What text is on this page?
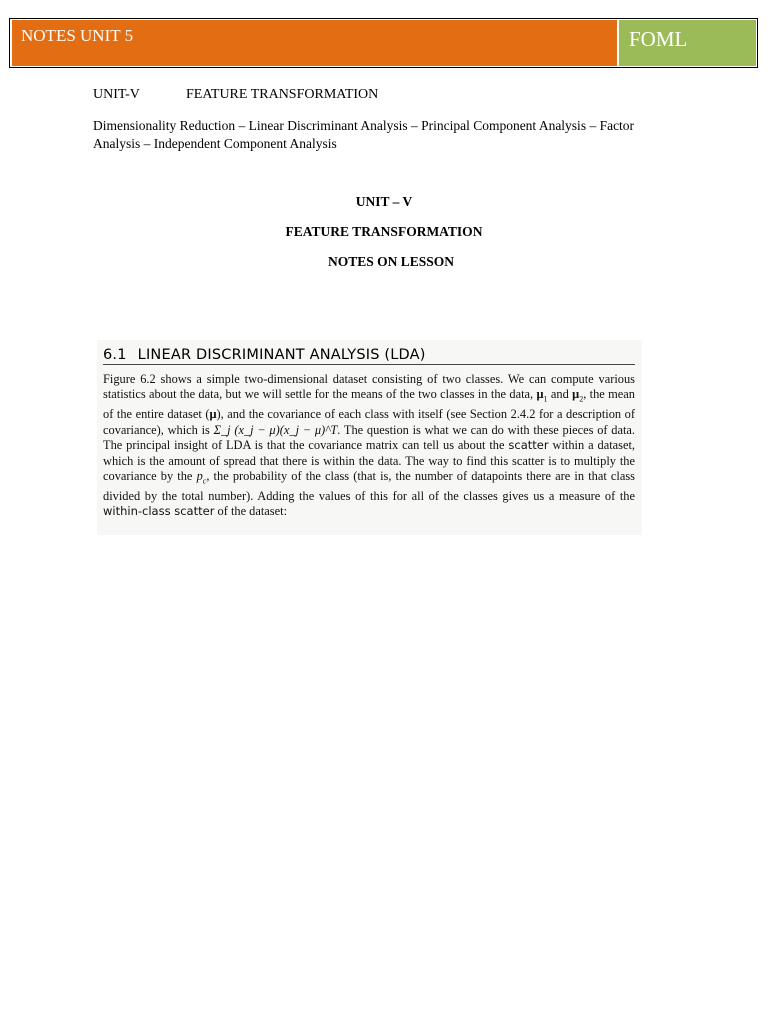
NOTES UNIT 5	FOML
UNIT-V	FEATURE TRANSFORMATION
Dimensionality Reduction – Linear Discriminant Analysis – Principal Component Analysis – Factor Analysis – Independent Component Analysis
UNIT – V
FEATURE TRANSFORMATION
NOTES ON LESSON
6.1 LINEAR DISCRIMINANT ANALYSIS (LDA)
Figure 6.2 shows a simple two-dimensional dataset consisting of two classes. We can compute various statistics about the data, but we will settle for the means of the two classes in the data, $\mu_1$ and $\mu_2$, the mean of the entire dataset (μ), and the covariance of each class with itself (see Section 2.4.2 for a description of covariance), which is Σ_j (x_j − μ)(x_j − μ)^T. The question is what we can do with these pieces of data. The principal insight of LDA is that the covariance matrix can tell us about the scatter within a dataset, which is the amount of spread that there is within the data. The way to find this scatter is to multiply the covariance by the $p_c$, the probability of the class (that is, the number of datapoints there are in that class divided by the total number). Adding the values of this for all of the classes gives us a measure of the within-class scatter of the dataset:
